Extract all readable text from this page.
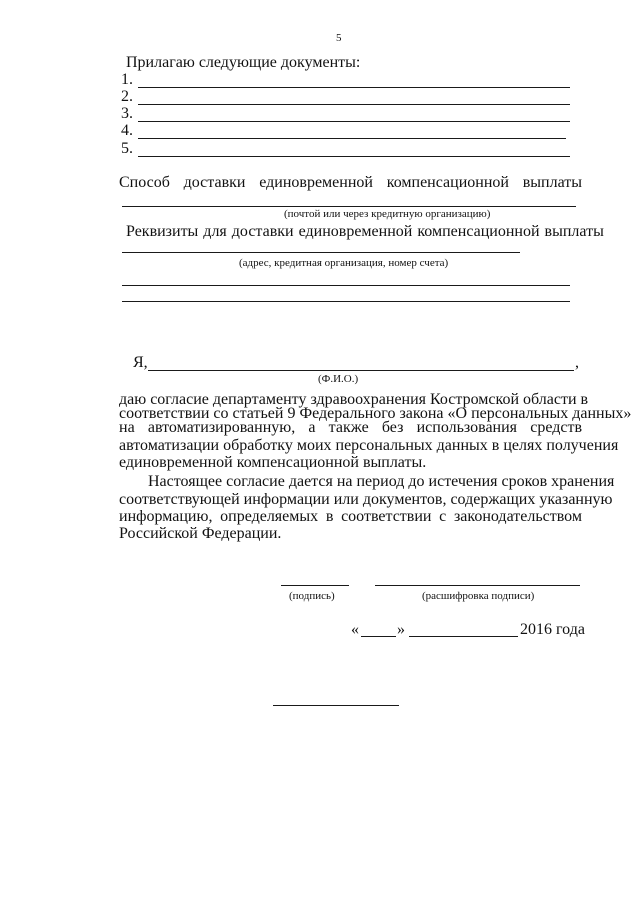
5
Прилагаю следующие документы:
1.
2.
3.
4.
5.
Способ доставки единовременной компенсационной выплаты
(почтой или через кредитную организацию)
Реквизиты для доставки единовременной компенсационной выплаты
(адрес, кредитная организация, номер счета)
Я,	,
(Ф.И.О.)
даю согласие департаменту здравоохранения Костромской области в
соответствии со статьей 9 Федерального закона «О персональных данных»
на автоматизированную, а также без использования средств
автоматизации обработку моих персональных данных в целях получения
единовременной компенсационной выплаты.
Настоящее согласие дается на период до истечения сроков хранения
соответствующей информации или документов, содержащих указанную
информацию, определяемых в соответствии с законодательством
Российской Федерации.
(подпись)	(расшифровка подписи)
« »	2016 года
